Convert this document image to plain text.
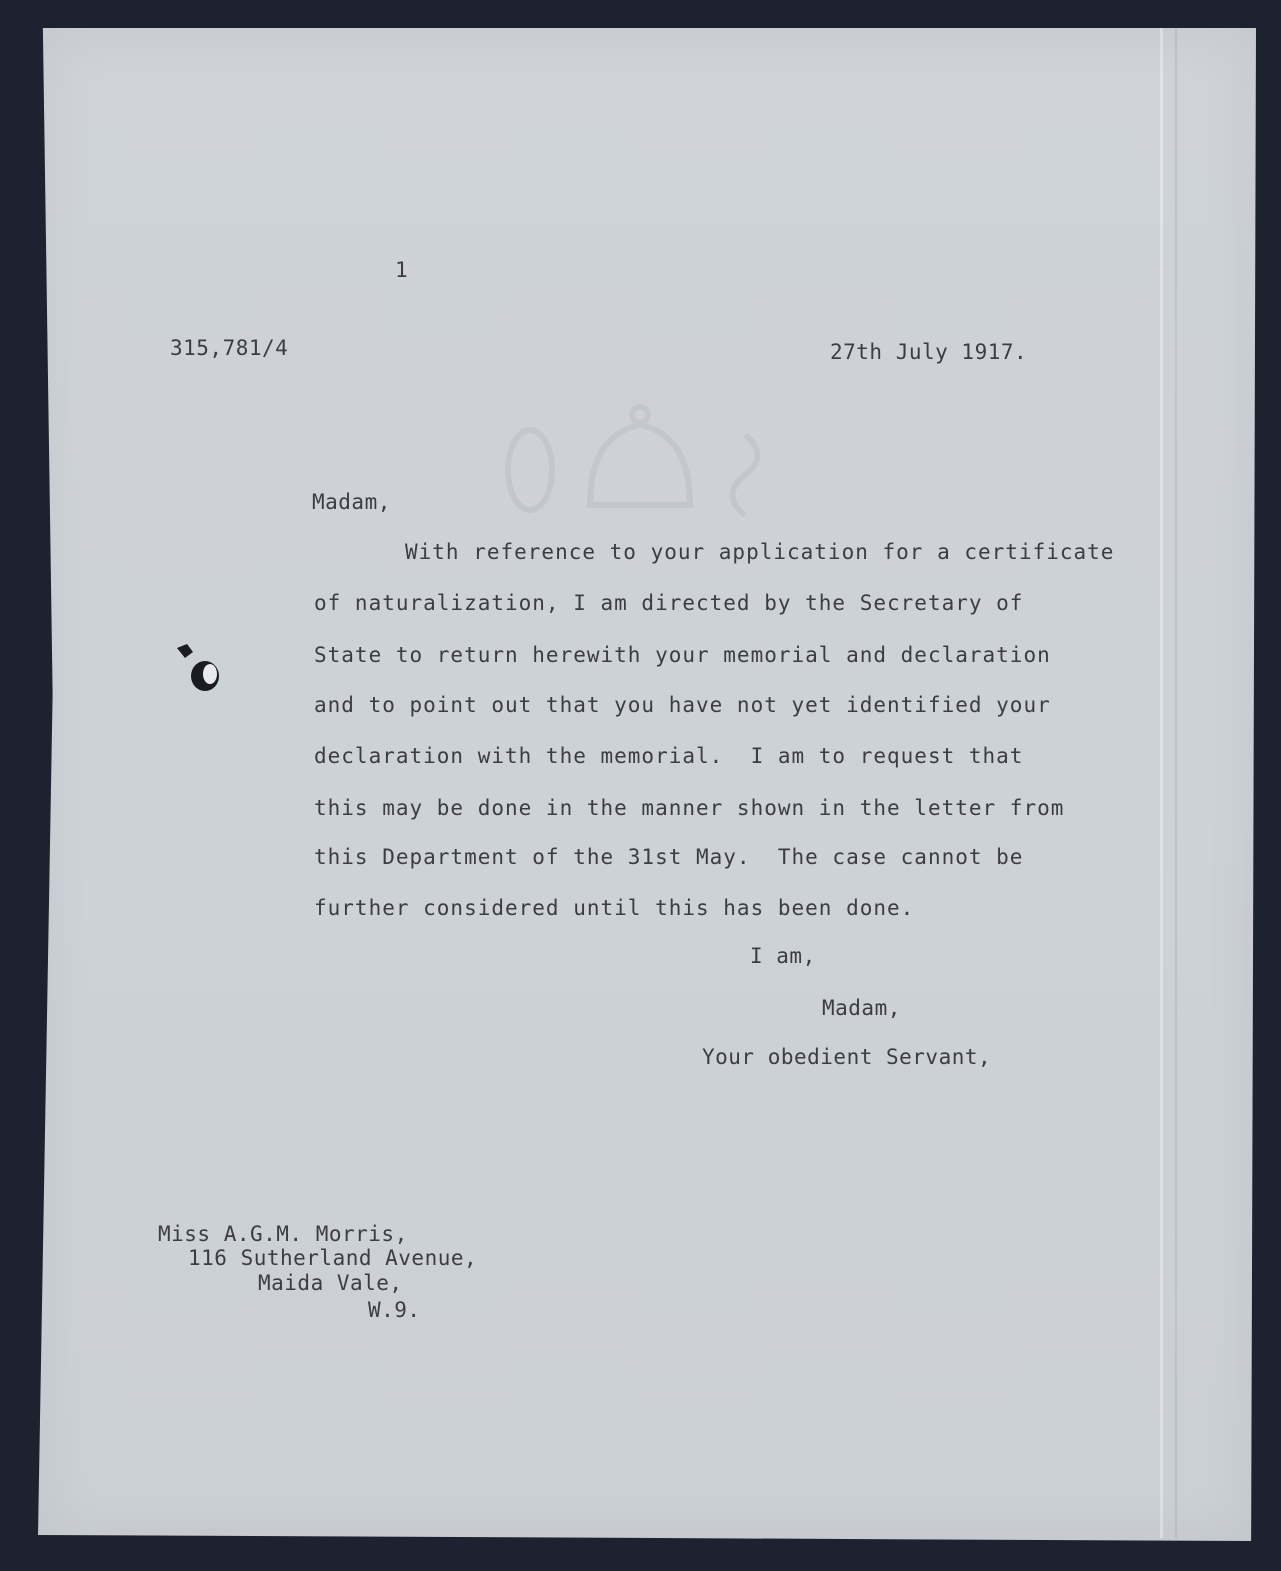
1

315,781/4	27th July 1917.

Madam,

With reference to your application for a certificate

of naturalization, I am directed by the Secretary of

State to return herewith your memorial and declaration

and to point out that you have not yet identified your

declaration with the memorial.  I am to request that

this may be done in the manner shown in the letter from

this Department of the 31st May.  The case cannot be

further considered until this has been done.

I am,

Madam,

Your obedient Servant,

Miss A.G.M. Morris,

116 Sutherland Avenue,

Maida Vale,

W.9.
